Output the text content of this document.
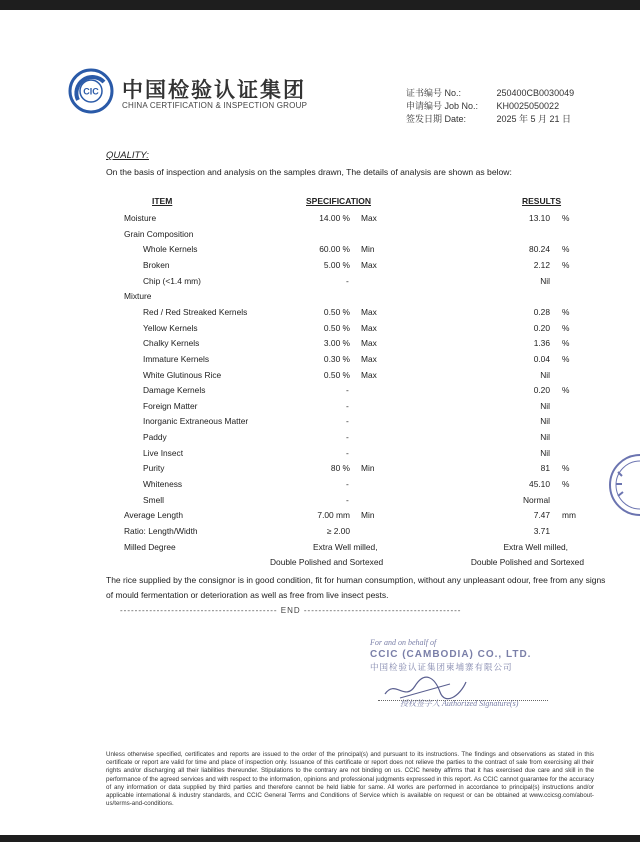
CIC 中国检验认证集团
CHINA CERTIFICATION & INSPECTION GROUP
证书编号 No.:	250400CB0030049
申请编号 Job No.: KH0025050022
签发日期 Date:	2025 年 5 月 21 日
QUALITY:
On the basis of inspection and analysis on the samples drawn, The details of analysis are shown as below:
ITEM	SPECIFICATION	RESULTS
Moisture	14.00 % Max	13.10 %
Grain Composition
Whole Kernels	60.00 % Min	80.24 %
Broken	5.00 % Max	2.12 %
Chip (<1.4 mm)	-	Nil
Mixture
Red / Red Streaked Kernels	0.50 % Max	0.28 %
Yellow Kernels	0.50 % Max	0.20 %
Chalky Kernels	3.00 % Max	1.36 %
Immature Kernels	0.30 % Max	0.04 %
White Glutinous Rice	0.50 % Max	Nil
Damage Kernels	-	0.20 %
Foreign Matter	-	Nil
Inorganic Extraneous Matter	-	Nil
Paddy	-	Nil
Live Insect	-	Nil
Purity	80 % Min	81 %
Whiteness	-	45.10 %
Smell	-	Normal
Average Length	7.00 mm Min	7.47 mm
Ratio: Length/Width	≥ 2.00	3.71
Milled Degree	Extra Well milled,	Extra Well milled,
Double Polished and Sortexed	Double Polished and Sortexed
The rice supplied by the consignor is in good condition, fit for human consumption, without any unpleasant odour, free from any signs of mould fermentation or deterioration as well as free from live insect pests.
------------------------------------------- END -------------------------------------------
For and on behalf of
CCIC (CAMBODIA) CO., LTD.
中国检验认证集团柬埔寨有限公司
授权签字人 Authorized Signature(s)
Unless otherwise specified, certificates and reports are issued to the order of the principal(s) and pursuant to its instructions. The findings and observations as stated in this certificate or report are valid for time and place of inspection only. Issuance of this certificate or report does not relieve the parties to the contract of sale from exercising all their rights and/or discharging all their liabilities thereunder. Stipulations to the contrary are not binding on us. CCIC hereby affirms that it has exercised due care and skill in the performance of the agreed services and with respect to the information, opinions and professional judgments expressed in this report. As CCIC cannot guarantee for the accuracy of any information or data supplied by third parties and therefore cannot be held liable for same. All works are performed in accordance to principal(s) instructions and/or applicable international & industry standards, and CCIC General Terms and Conditions of Service which is available on request or can be obtained at www.ccicsg.com/about-us/terms-and-conditions.
